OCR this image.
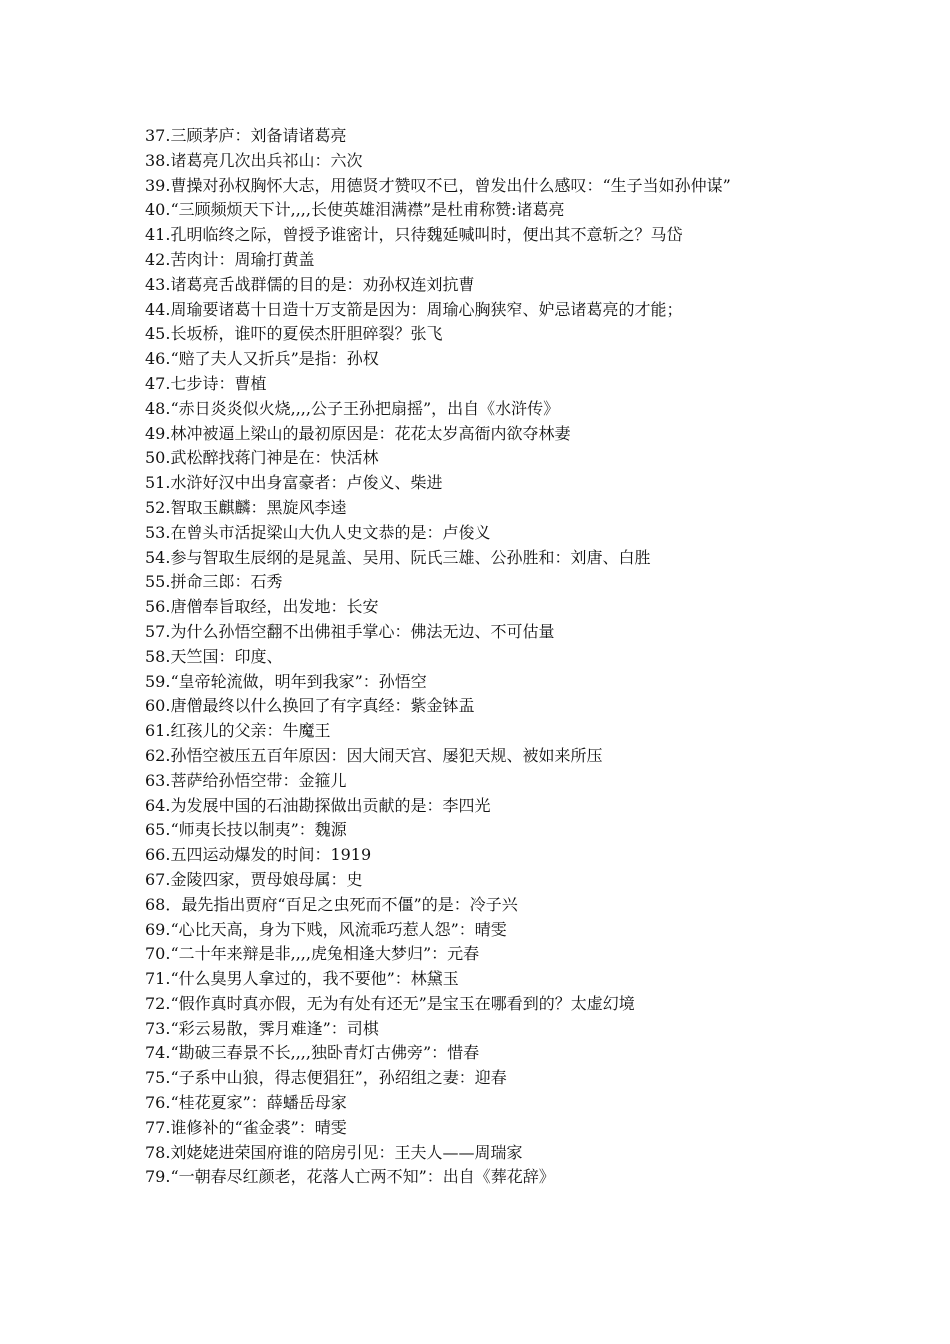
37.三顾茅庐：刘备请诸葛亮

38.诸葛亮几次出兵祁山：六次

39.曹操对孙权胸怀大志，用德贤才赞叹不已，曾发出什么感叹：“生子当如孙仲谋”

40.“三顾频烦天下计,,,,长使英雄泪满襟”是杜甫称赞:诸葛亮

41.孔明临终之际，曾授予谁密计，只待魏延喊叫时，便出其不意斩之？马岱

42.苦肉计：周瑜打黄盖

43.诸葛亮舌战群儒的目的是：劝孙权连刘抗曹

44.周瑜要诸葛十日造十万支箭是因为：周瑜心胸狭窄、妒忌诸葛亮的才能；

45.长坂桥，谁吓的夏侯杰肝胆碎裂？张飞

46.“赔了夫人又折兵”是指：孙权

47.七步诗：曹植

48.“赤日炎炎似火烧,,,,公子王孙把扇摇”，出自《水浒传》

49.林冲被逼上梁山的最初原因是：花花太岁高衙内欲夺林妻

50.武松醉找蒋门神是在：快活林

51.水浒好汉中出身富豪者：卢俊义、柴进

52.智取玉麒麟：黑旋风李逵

53.在曾头市活捉梁山大仇人史文恭的是：卢俊义

54.参与智取生辰纲的是晁盖、吴用、阮氏三雄、公孙胜和：刘唐、白胜

55.拼命三郎：石秀

56.唐僧奉旨取经，出发地：长安

57.为什么孙悟空翻不出佛祖手掌心：佛法无边、不可估量

58.天竺国：印度、

59.“皇帝轮流做，明年到我家”：孙悟空

60.唐僧最终以什么换回了有字真经：紫金钵盂

61.红孩儿的父亲：牛魔王

62.孙悟空被压五百年原因：因大闹天宫、屡犯天规、被如来所压

63.菩萨给孙悟空带：金箍儿

64.为发展中国的石油勘探做出贡献的是：李四光

65.“师夷长技以制夷”：魏源

66.五四运动爆发的时间：1919

67.金陵四家，贾母娘母属：史

68．最先指出贾府“百足之虫死而不僵”的是：冷子兴

69.“心比天高，身为下贱，风流乖巧惹人怨”：晴雯

70.“二十年来辩是非,,,,虎兔相逢大梦归”：元春

71.“什么臭男人拿过的，我不要他”：林黛玉

72.“假作真时真亦假，无为有处有还无”是宝玉在哪看到的？太虚幻境

73.“彩云易散，霁月难逢”：司棋

74.“勘破三春景不长,,,,独卧青灯古佛旁”：惜春

75.“子系中山狼，得志便猖狂”，孙绍组之妻：迎春

76.“桂花夏家”：薛蟠岳母家

77.谁修补的“雀金裘”：晴雯

78.刘姥姥进荣国府谁的陪房引见：王夫人——周瑞家

79.“一朝春尽红颜老，花落人亡两不知”：出自《葬花辞》
